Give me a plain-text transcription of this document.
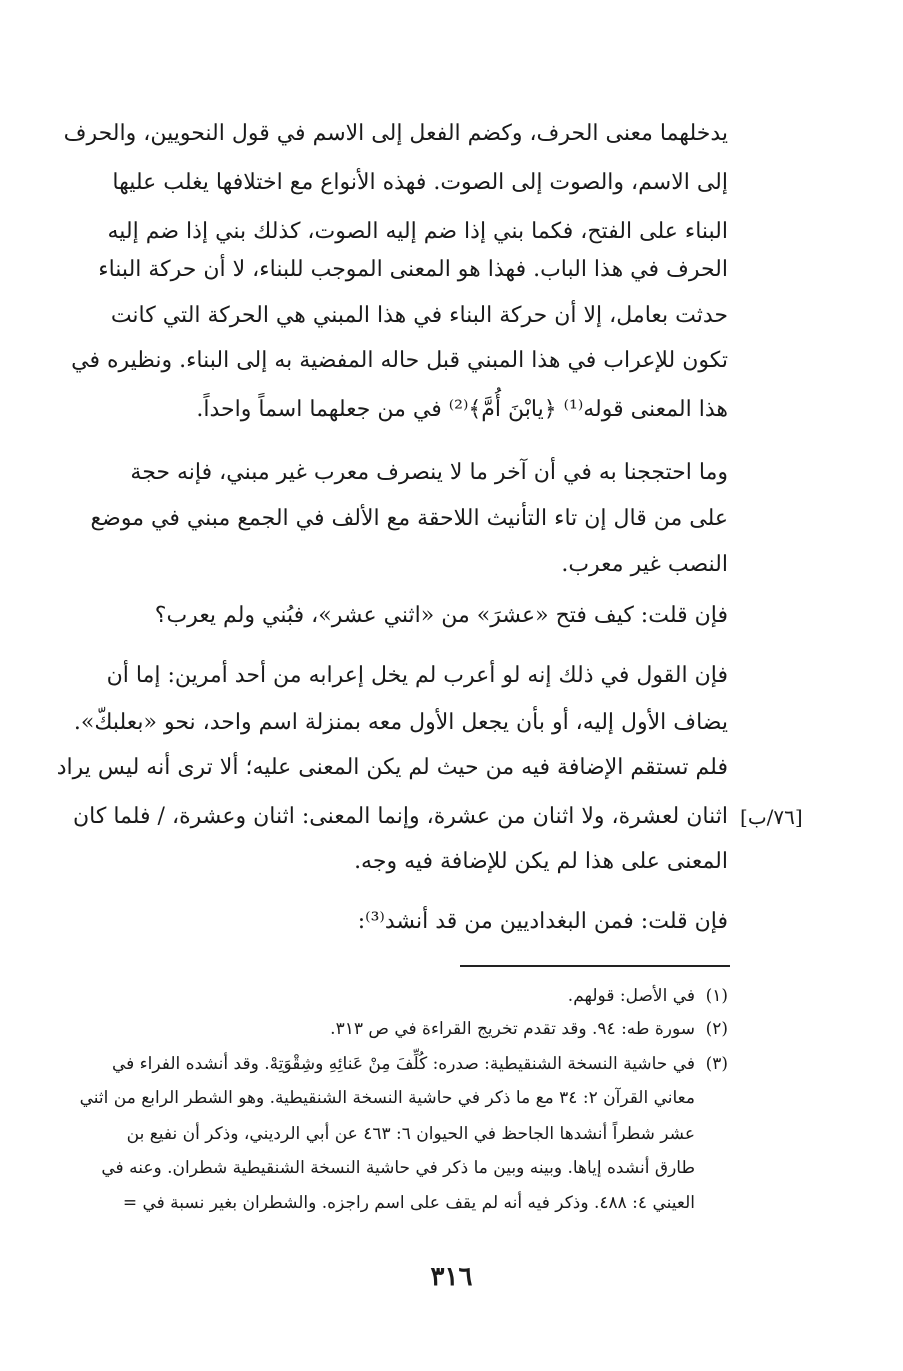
يدخلهما معنى الحرف، وكضم الفعل إلى الاسم في قول النحويين، والحرف
إلى الاسم، والصوت إلى الصوت. فهذه الأنواع مع اختلافها يغلب عليها
البناء على الفتح، فكما بني إذا ضم إليه الصوت، كذلك بني إذا ضم إليه
الحرف في هذا الباب. فهذا هو المعنى الموجب للبناء، لا أن حركة البناء
حدثت بعامل، إلا أن حركة البناء في هذا المبني هي الحركة التي كانت
تكون للإعراب في هذا المبني قبل حاله المفضية به إلى البناء. ونظيره في
هذا المعنى قوله⁽¹⁾ ﴿يابْنَ أُمَّ﴾⁽²⁾ في من جعلهما اسماً واحداً.
وما احتججنا به في أن آخر ما لا ينصرف معرب غير مبني، فإنه حجة
على من قال إن تاء التأنيث اللاحقة مع الألف في الجمع مبني في موضع
النصب غير معرب.
فإن قلت: كيف فتح «عشرَ» من «اثني عشر»، فبُني ولم يعرب؟
فإن القول في ذلك إنه لو أعرب لم يخل إعرابه من أحد أمرين: إما أن
يضاف الأول إليه، أو بأن يجعل الأول معه بمنزلة اسم واحد، نحو «بعلبكّ».
فلم تستقم الإضافة فيه من حيث لم يكن المعنى عليه؛ ألا ترى أنه ليس يراد
اثنان لعشرة، ولا اثنان من عشرة، وإنما المعنى: اثنان وعشرة، / فلما كان
المعنى على هذا لم يكن للإضافة فيه وجه.
فإن قلت: فمن البغداديين من قد أنشد⁽³⁾:
[٧٦/ب]
(١)
في الأصل: قولهم.
(٢)
سورة طه: ٩٤. وقد تقدم تخريج القراءة في ص ٣١٣.
(٣)
في حاشية النسخة الشنقيطية: صدره: كُلِّفَ مِنْ عَنائِهِ وشِقْوَتِهْ. وقد أنشده الفراء في
معاني القرآن ٢: ٣٤ مع ما ذكر في حاشية النسخة الشنقيطية. وهو الشطر الرابع من اثني
عشر شطراً أنشدها الجاحظ في الحيوان ٦: ٤٦٣ عن أبي الرديني، وذكر أن نفيع بن
طارق أنشده إياها. وبينه وبين ما ذكر في حاشية النسخة الشنقيطية شطران. وعنه في
العيني ٤: ٤٨٨. وذكر فيه أنه لم يقف على اسم راجزه. والشطران بغير نسبة في =
٣١٦
